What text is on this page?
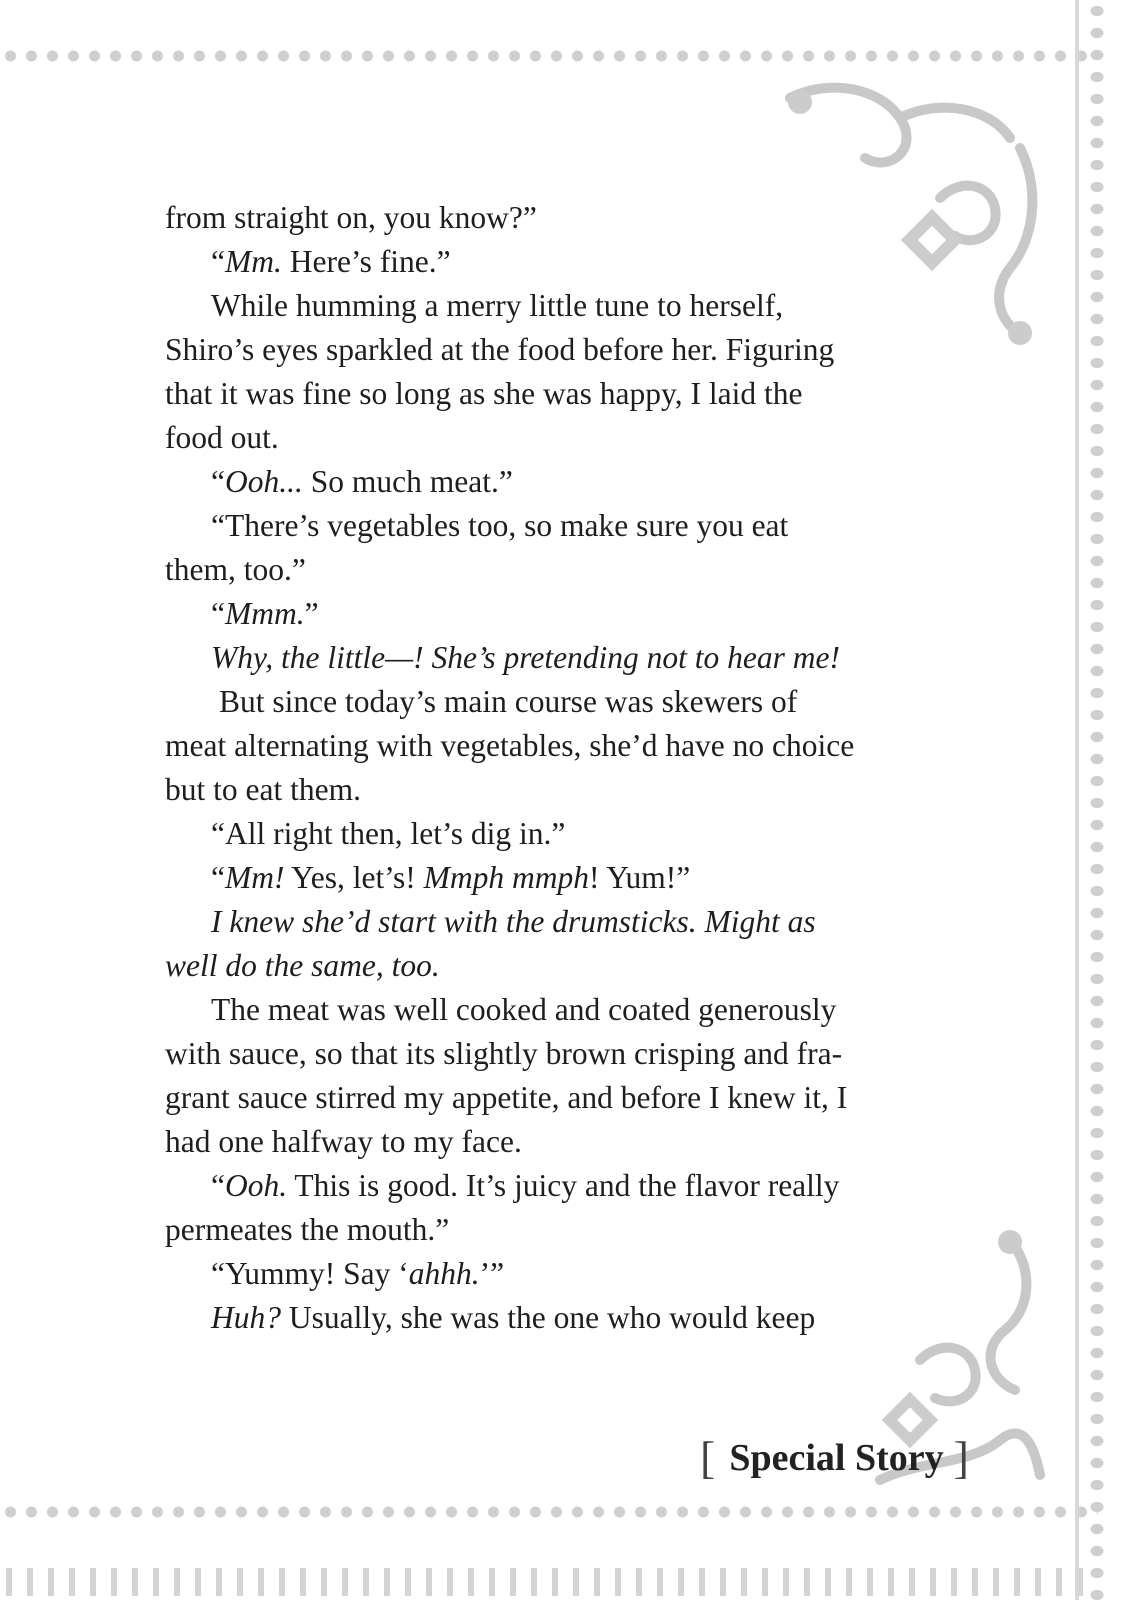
from straight on, you know?”

“Mm. Here’s fine.”

While humming a merry little tune to herself,

Shiro’s eyes sparkled at the food before her. Figuring

that it was fine so long as she was happy, I laid the

food out.

“Ooh... So much meat.”

“There’s vegetables too, so make sure you eat

them, too.”

“Mmm.”

Why, the little—! She’s pretending not to hear me!

But since today’s main course was skewers of

meat alternating with vegetables, she’d have no choice

but to eat them.

“All right then, let’s dig in.”

“Mm! Yes, let’s! Mmph mmph! Yum!”

I knew she’d start with the drumsticks. Might as

well do the same, too.

The meat was well cooked and coated generously

with sauce, so that its slightly brown crisping and fra-

grant sauce stirred my appetite, and before I knew it, I

had one halfway to my face.

“Ooh. This is good. It’s juicy and the flavor really

permeates the mouth.”

“Yummy! Say ‘ahhh.’”

Huh? Usually, she was the one who would keep

[ Special Story ]
